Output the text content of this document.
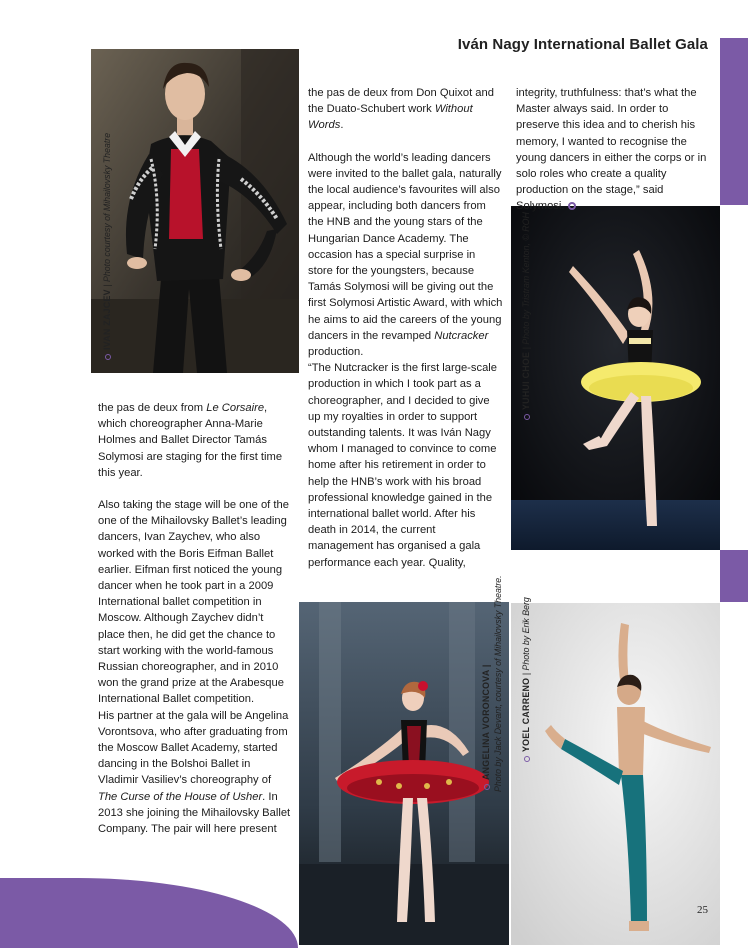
Iván Nagy International Ballet Gala
IVAN ZAJCEV | Photo courtesy of Mihailovsky Theatre
YUHUI CHOE | Photo by Tristram Kenton, © ROH
ANGELINA VORONCOVA | Photo by Jack Devant, courtesy of Mihailovsky Theatre. YOEL CARRENO | Photo by Erik Berg

the pas de deux from Le Corsaire, which choreographer Anna-Marie Holmes and Ballet Director Tamás Solymosi are staging for the first time this year.

Also taking the stage will be one of the one of the Mihailovsky Ballet’s leading dancers, Ivan Zaychev, who also worked with the Boris Eifman Ballet earlier. Eifman first noticed the young dancer when he took part in a 2009 International ballet competition in Moscow. Although Zaychev didn’t place then, he did get the chance to start working with the world-famous Russian choreographer, and in 2010 won the grand prize at the Arabesque International Ballet competition.

His partner at the gala will be Angelina Vorontsova, who after graduating from the Moscow Ballet Academy, started dancing in the Bolshoi Ballet in Vladimir Vasiliev’s choreography of The Curse of the House of Usher. In 2013 she joining the Mihailovsky Ballet Company. The pair will here present

the pas de deux from Don Quixot and the Duato-Schubert work Without Words.

Although the world’s leading dancers were invited to the ballet gala, naturally the local audience’s favourites will also appear, including both dancers from the HNB and the young stars of the Hungarian Dance Academy. The occasion has a special surprise in store for the youngsters, because Tamás Solymosi will be giving out the first Solymosi Artistic Award, with which he aims to aid the careers of the young dancers in the revamped Nutcracker production.

“The Nutcracker is the first large-scale production in which I took part as a choreographer, and I decided to give up my royalties in order to support outstanding talents. It was Iván Nagy whom I managed to convince to come home after his retirement in order to help the HNB’s work with his broad professional knowledge gained in the international ballet world. After his death in 2014, the current management has organised a gala performance each year. Quality,

integrity, truthfulness: that’s what the Master always said. In order to preserve this idea and to cherish his memory, I wanted to recognise the young dancers in either the corps or in solo roles who create a quality production on the stage,” said Solymosi.

25
